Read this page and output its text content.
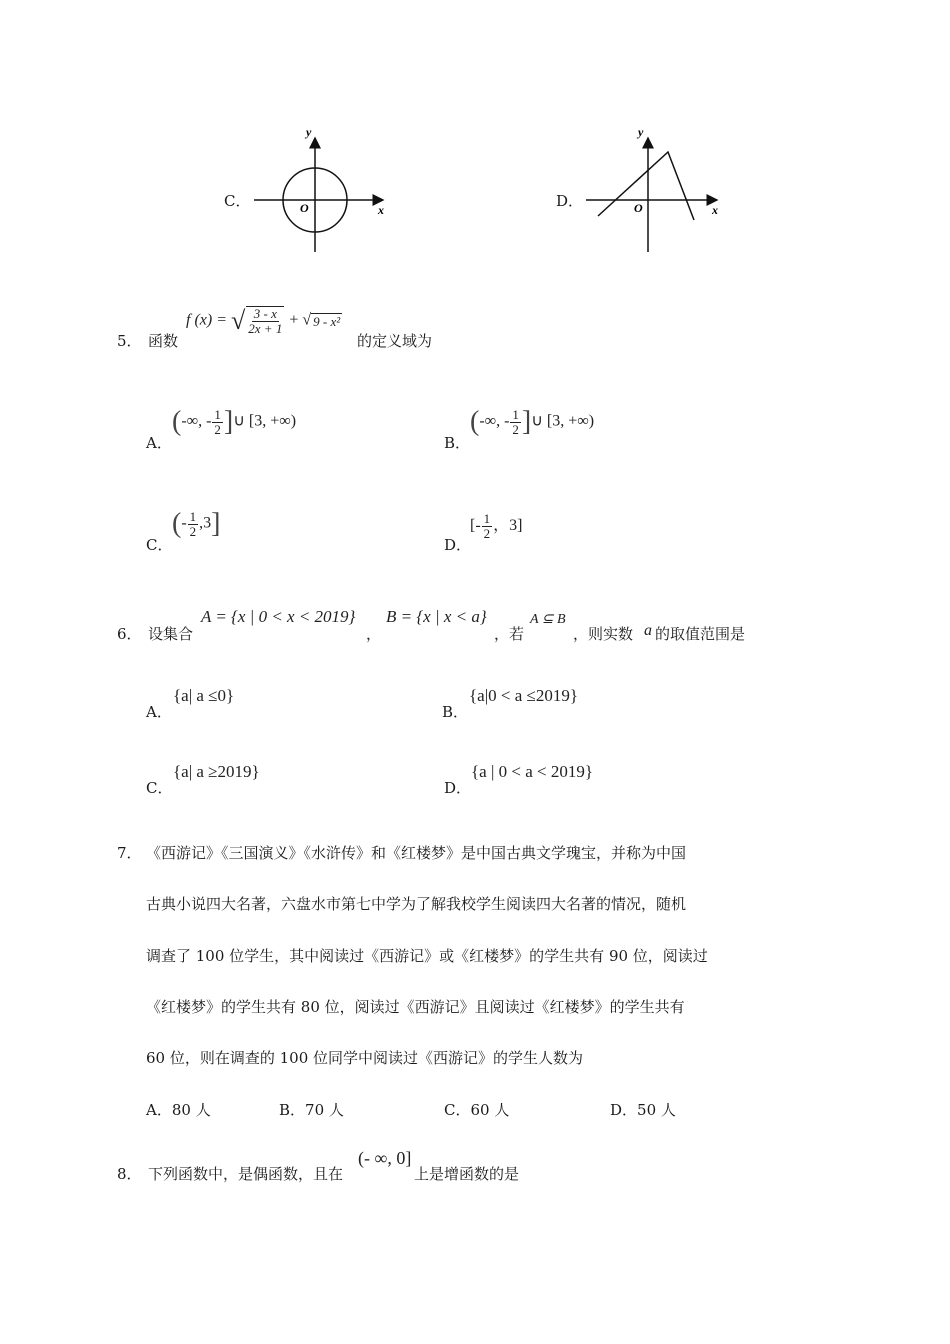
C．	x
y
O	D．	x
y
O
5． 函数
f (x) = √ $\frac{3 - x}{2x + 1}$ + √ 9 - x²
的定义域为
A．
(-∞, - $\frac{1}{2}$ ]∪ [3, +∞)
B．
(-∞, - $\frac{1}{2}$ ]∪ [3, +∞)
C．
(- $\frac{1}{2} ,3$]
D．
[- $\frac{1}{2}$ ，3]
6． 设集合
A = {x | 0 < x < 2019}
，
B = {x | x < a}
，若
A ⊆ B
，则实数 a 的取值范围是
A．
{a| a ≤0}
B．
{a|0 < a ≤2019}
C．
{a| a ≥2019}
D．
{a | 0 < a < 2019}
7． 《西游记》《三国演义》《水浒传》和《红楼梦》是中国古典文学瑰宝，并称为中国
古典小说四大名著，六盘水市第七中学为了解我校学生阅读四大名著的情况，随机
调查了 100 位学生，其中阅读过《西游记》或《红楼梦》的学生共有 90 位，阅读过
《红楼梦》的学生共有 80 位，阅读过《西游记》且阅读过《红楼梦》的学生共有
60 位，则在调查的 100 位同学中阅读过《西游记》的学生人数为
A．80 人	B．70 人	C．60 人	D．50 人
8． 下列函数中，是偶函数，且在
(- ∞, 0]
上是增函数的是
